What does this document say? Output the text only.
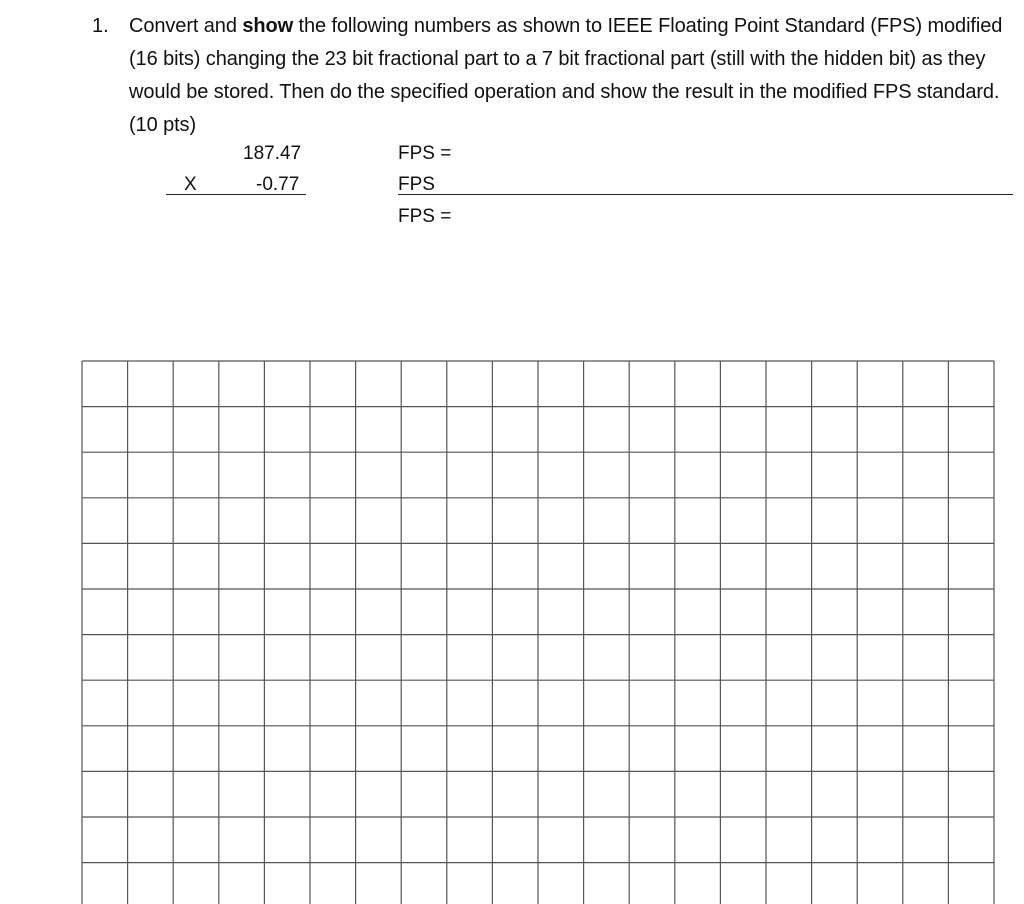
1. Convert and show the following numbers as shown to IEEE Floating Point Standard (FPS) modified (16 bits) changing the 23 bit fractional part to a 7 bit fractional part (still with the hidden bit) as they would be stored. Then do the specified operation and show the result in the modified FPS standard. (10 pts)
187.47	FPS =
X	-0.77	FPS
FPS =
